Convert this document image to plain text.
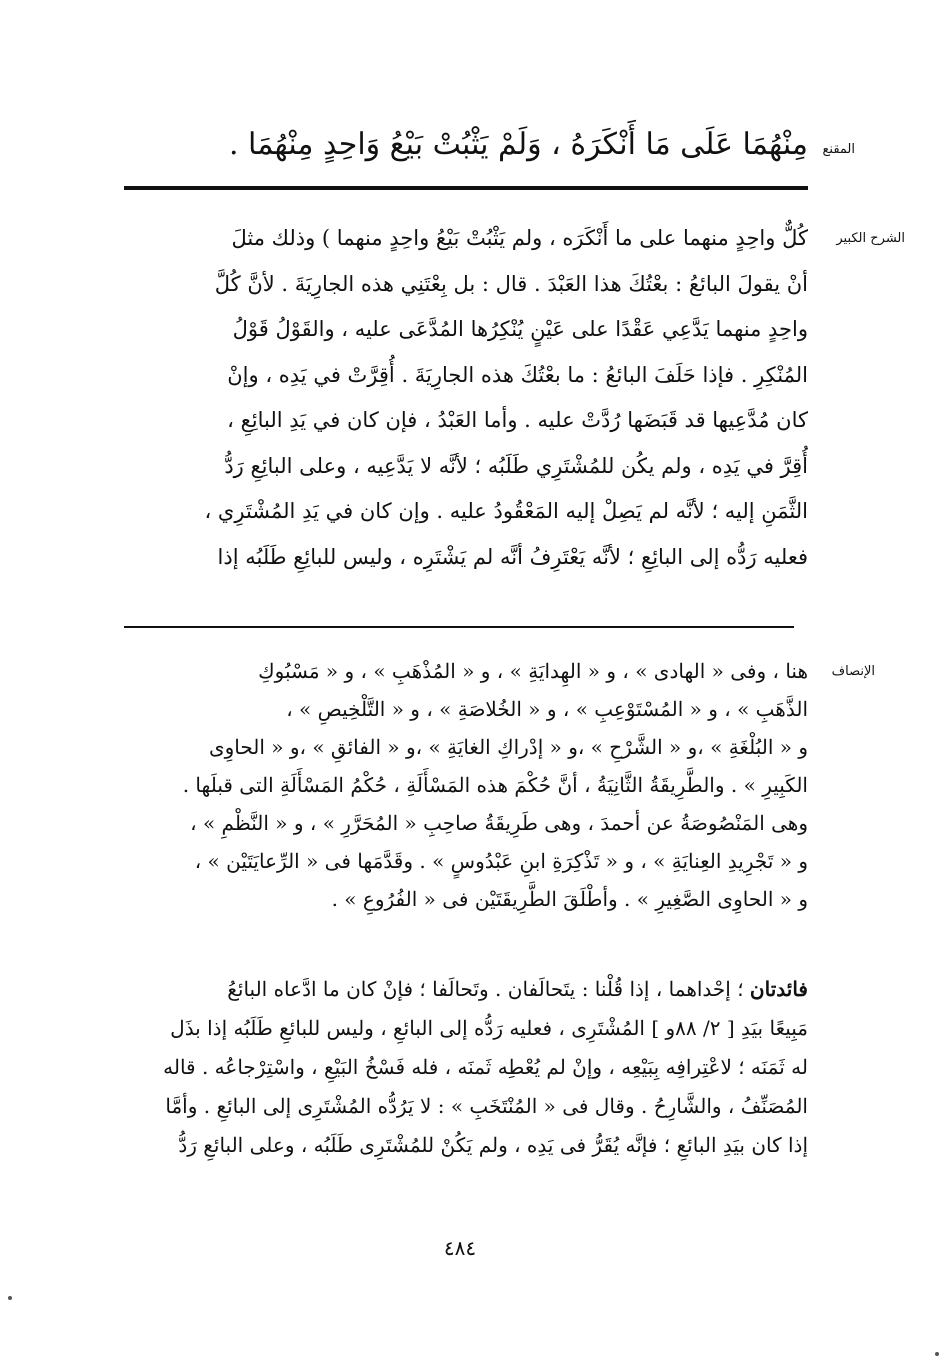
المقنع
الشرح الكبير
الإنصاف
مِنْهُمَا عَلَى مَا أَنْكَرَهُ ، وَلَمْ يَثْبُتْ بَيْعُ وَاحِدٍ مِنْهُمَا .
كُلٌّ واحِدٍ منهما على ما أَنْكَرَه ، ولم يَثْبُتْ بَيْعُ واحِدٍ منهما ) وذلك مثلَ
أنْ يقولَ البائعُ : بعْتُكَ هذا العَبْدَ . قال : بل بِعْتَنِي هذه الجارِيَةَ . لأنَّ كُلَّ
واحِدٍ منهما يَدَّعِي عَقْدًا على عَيْنٍ يُنْكِرُها المُدَّعَى عليه ، والقَوْلُ قَوْلُ
المُنْكِرِ . فإذا حَلَفَ البائعُ : ما بعْتُكَ هذه الجارِيَةَ . أُقِرَّتْ في يَدِه ، وإنْ
كان مُدَّعِيها قد قَبَضَها رُدَّتْ عليه . وأما العَبْدُ ، فإن كان في يَدِ البائِعِ ،
أُقِرَّ في يَدِه ، ولم يكُن للمُشْتَرِي طَلَبُه ؛ لأنَّه لا يَدَّعِيه ، وعلى البائِعِ رَدُّ
الثَّمَنِ إليه ؛ لأنَّه لم يَصِلْ إليه المَعْقُودُ عليه . وإن كان في يَدِ المُشْتَرِي ،
فعليه رَدُّه إلى البائِعِ ؛ لأنَّه يَعْتَرِفُ أنَّه لم يَشْتَرِه ، وليس للبائِعِ طَلَبُه إذا
هنا ، وفى « الهادى » ، و « الهِدايَةِ » ، و « المُذْهَبِ » ، و « مَسْبُوكِ
الذَّهَبِ » ، و « المُسْتَوْعِبِ » ، و « الخُلاصَةِ » ، و « التَّلْخِيصِ » ،
و « البُلْغَةِ » ،و « الشَّرْحِ » ،و « إدْراكِ الغايَةِ » ،و « الفائقِ » ،و « الحاوِى
الكَبِيرِ » . والطَّرِيقَةُ الثَّانِيَةُ ، أنَّ حُكْمَ هذه المَسْأَلَةِ ، حُكْمُ المَسْأَلَةِ التى قبلَها .
وهى المَنْصُوصَةُ عن أحمدَ ، وهى طَرِيقَةُ صاحِبِ « المُحَرَّرِ » ، و « النَّظْمِ » ،
و « تَجْرِيدِ العِنايَةِ » ، و « تَذْكِرَةِ ابنِ عَبْدُوسٍ » . وقَدَّمَها فى « الرِّعايَتَيْن » ،
و « الحاوِى الصَّغِيرِ » . وأطْلَقَ الطَّرِيقَتَيْن فى « الفُرُوعِ » .
فائدتان ؛ إحْداهما ، إذا قُلْنا : يتَحالَفان . وتَحالَفا ؛ فإنْ كان ما ادَّعاه البائعُ
مَبِيعًا بيَدِ [ ٢/ ٨٨و ] المُشْتَرِى ، فعليه رَدُّه إلى البائعِ ، وليس للبائعِ طَلَبُه إذا بذَل
له ثَمَنَه ؛ لاعْتِرافِه بِبَيْعِه ، وإنْ لم يُعْطِه ثَمنَه ، فله فَسْخُ البَيْعِ ، واسْتِرْجاعُه . قاله
المُصَنِّفُ ، والشَّارِحُ . وقال فى « المُنْتَخَبِ » : لا يَرُدُّه المُشْتَرِى إلى البائعِ . وأمَّا
إذا كان بيَدِ البائعِ ؛ فإنَّه يُقَرُّ فى يَدِه ، ولم يَكُنْ للمُشْتَرِى طَلَبُه ، وعلى البائعِ رَدُّ
٤٨٤
